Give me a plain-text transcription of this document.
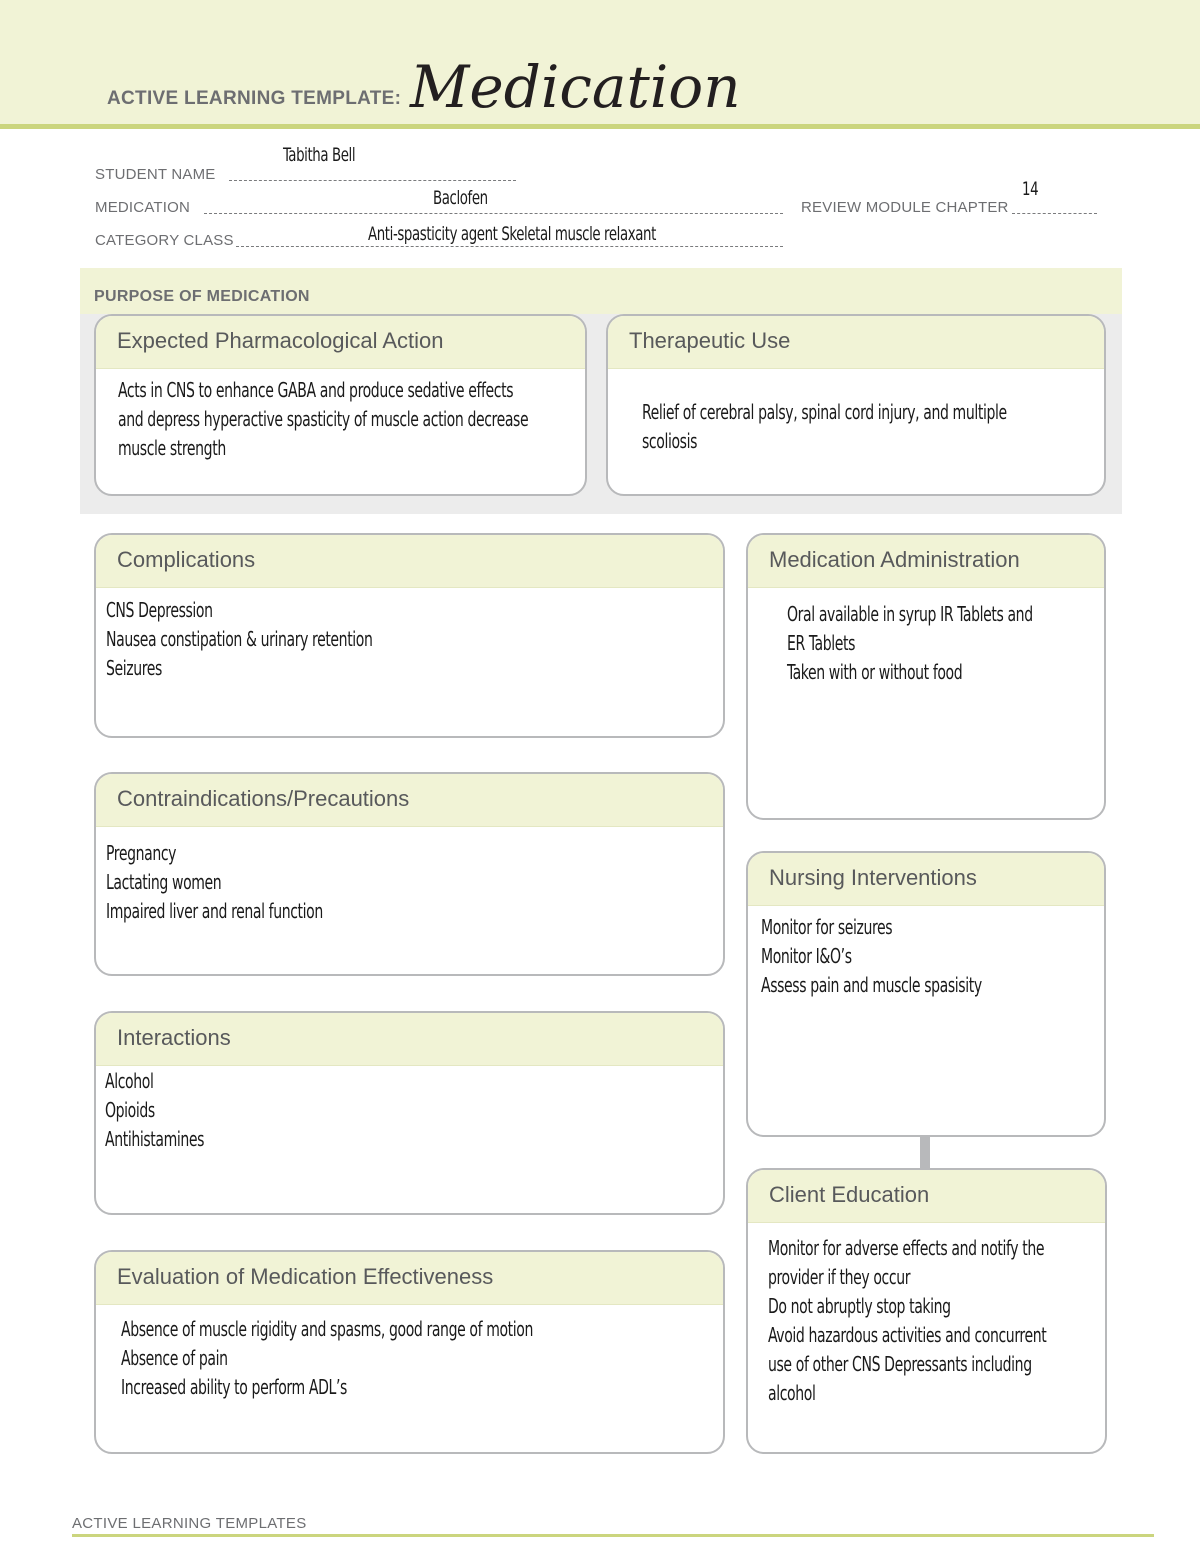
ACTIVE LEARNING TEMPLATE: Medication
STUDENT NAME
Tabitha Bell
MEDICATION	Baclofen	REVIEW MODULE CHAPTER
14
CATEGORY CLASS	Anti-spasticity agent Skeletal muscle relaxant
PURPOSE OF MEDICATION
Expected Pharmacological Action
Acts in CNS to enhance GABA and produce sedative effects
and depress hyperactive spasticity of muscle action decrease
muscle strength
Therapeutic Use
Relief of cerebral palsy, spinal cord injury, and multiple
scoliosis
Complications
CNS Depression
Nausea constipation & urinary retention
Seizures
Medication Administration
Oral available in syrup IR Tablets and
ER Tablets
Taken with or without food
Contraindications/Precautions
Pregnancy
Lactating women
Impaired liver and renal function
Nursing Interventions
Monitor for seizures
Monitor I&O’s
Assess pain and muscle spasisity
Interactions
Alcohol
Opioids
Antihistamines
Client Education
Monitor for adverse effects and notify the
provider if they occur
Do not abruptly stop taking
Avoid hazardous activities and concurrent
use of other CNS Depressants including
alcohol
Evaluation of Medication Effectiveness
Absence of muscle rigidity and spasms, good range of motion
Absence of pain
Increased ability to perform ADL’s
ACTIVE LEARNING TEMPLATES
